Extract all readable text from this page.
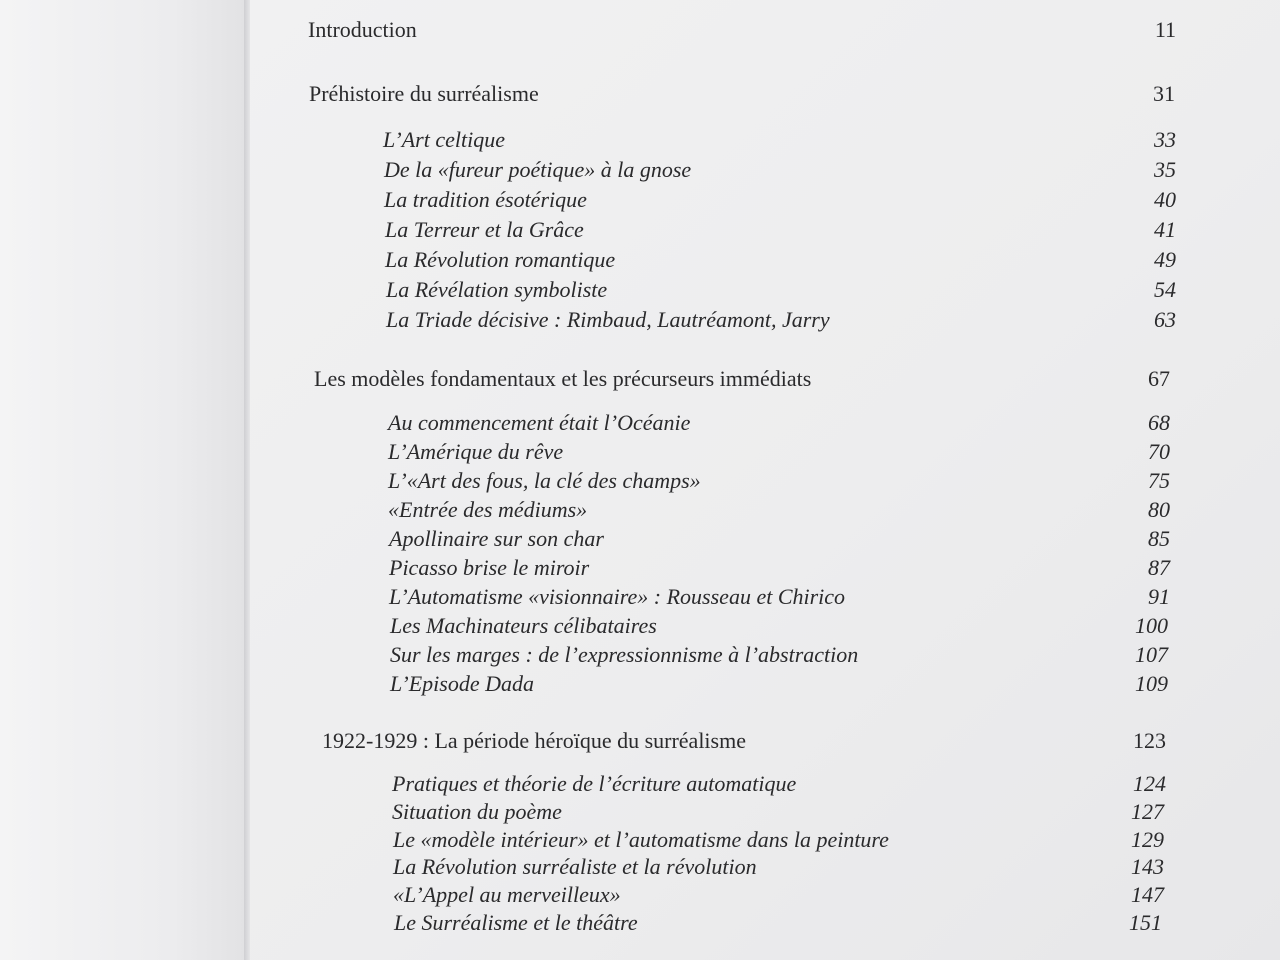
Introduction	11
Préhistoire du surréalisme	31
L’Art celtique	33
De la «fureur poétique» à la gnose	35
La tradition ésotérique	40
La Terreur et la Grâce	41
La Révolution romantique	49
La Révélation symboliste	54
La Triade décisive : Rimbaud, Lautréamont, Jarry	63
Les modèles fondamentaux et les précurseurs immédiats	67
Au commencement était l’Océanie	68
L’Amérique du rêve	70
L’«Art des fous, la clé des champs»	75
«Entrée des médiums»	80
Apollinaire sur son char	85
Picasso brise le miroir	87
L’Automatisme «visionnaire» : Rousseau et Chirico	91
Les Machinateurs célibataires	100
Sur les marges : de l’expressionnisme à l’abstraction	107
L’Episode Dada	109
1922-1929 : La période héroïque du surréalisme	123
Pratiques et théorie de l’écriture automatique	124
Situation du poème	127
Le «modèle intérieur» et l’automatisme dans la peinture	129
La Révolution surréaliste et la révolution	143
«L’Appel au merveilleux»	147
Le Surréalisme et le théâtre	151
